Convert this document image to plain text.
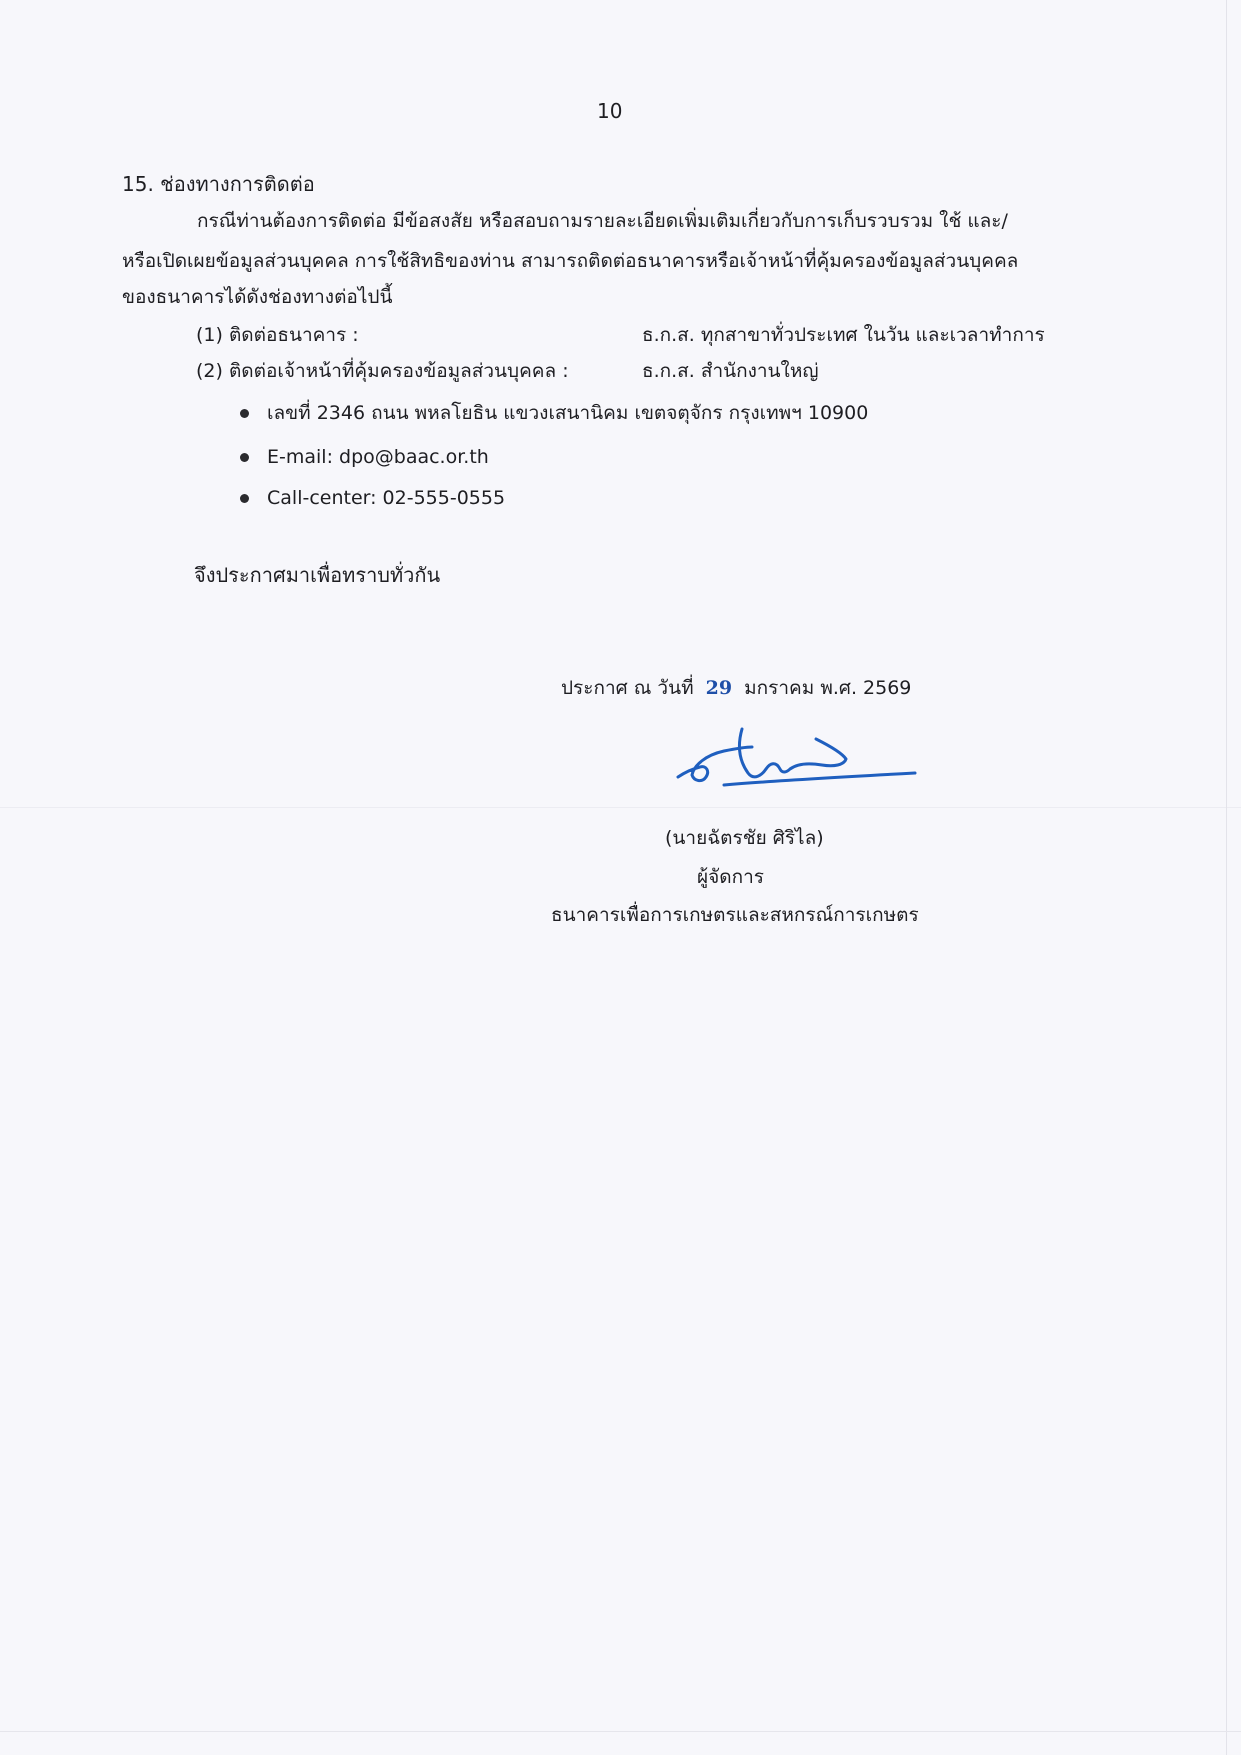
10
15. ช่องทางการติดต่อ
กรณีท่านต้องการติดต่อ มีข้อสงสัย หรือสอบถามรายละเอียดเพิ่มเติมเกี่ยวกับการเก็บรวบรวม ใช้ และ/
หรือเปิดเผยข้อมูลส่วนบุคคล การใช้สิทธิของท่าน สามารถติดต่อธนาคารหรือเจ้าหน้าที่คุ้มครองข้อมูลส่วนบุคคล
ของธนาคารได้ดังช่องทางต่อไปนี้
(1) ติดต่อธนาคาร :	ธ.ก.ส. ทุกสาขาทั่วประเทศ ในวัน และเวลาทำการ
(2) ติดต่อเจ้าหน้าที่คุ้มครองข้อมูลส่วนบุคคล :	ธ.ก.ส. สำนักงานใหญ่
เลขที่ 2346 ถนน พหลโยธิน แขวงเสนานิคม เขตจตุจักร กรุงเทพฯ 10900
E-mail: dpo@baac.or.th
Call-center: 02-555-0555
จึงประกาศมาเพื่อทราบทั่วกัน
ประกาศ ณ วันที่ 29 มกราคม พ.ศ. 2569
(นายฉัตรชัย ศิริไล)
ผู้จัดการ
ธนาคารเพื่อการเกษตรและสหกรณ์การเกษตร
